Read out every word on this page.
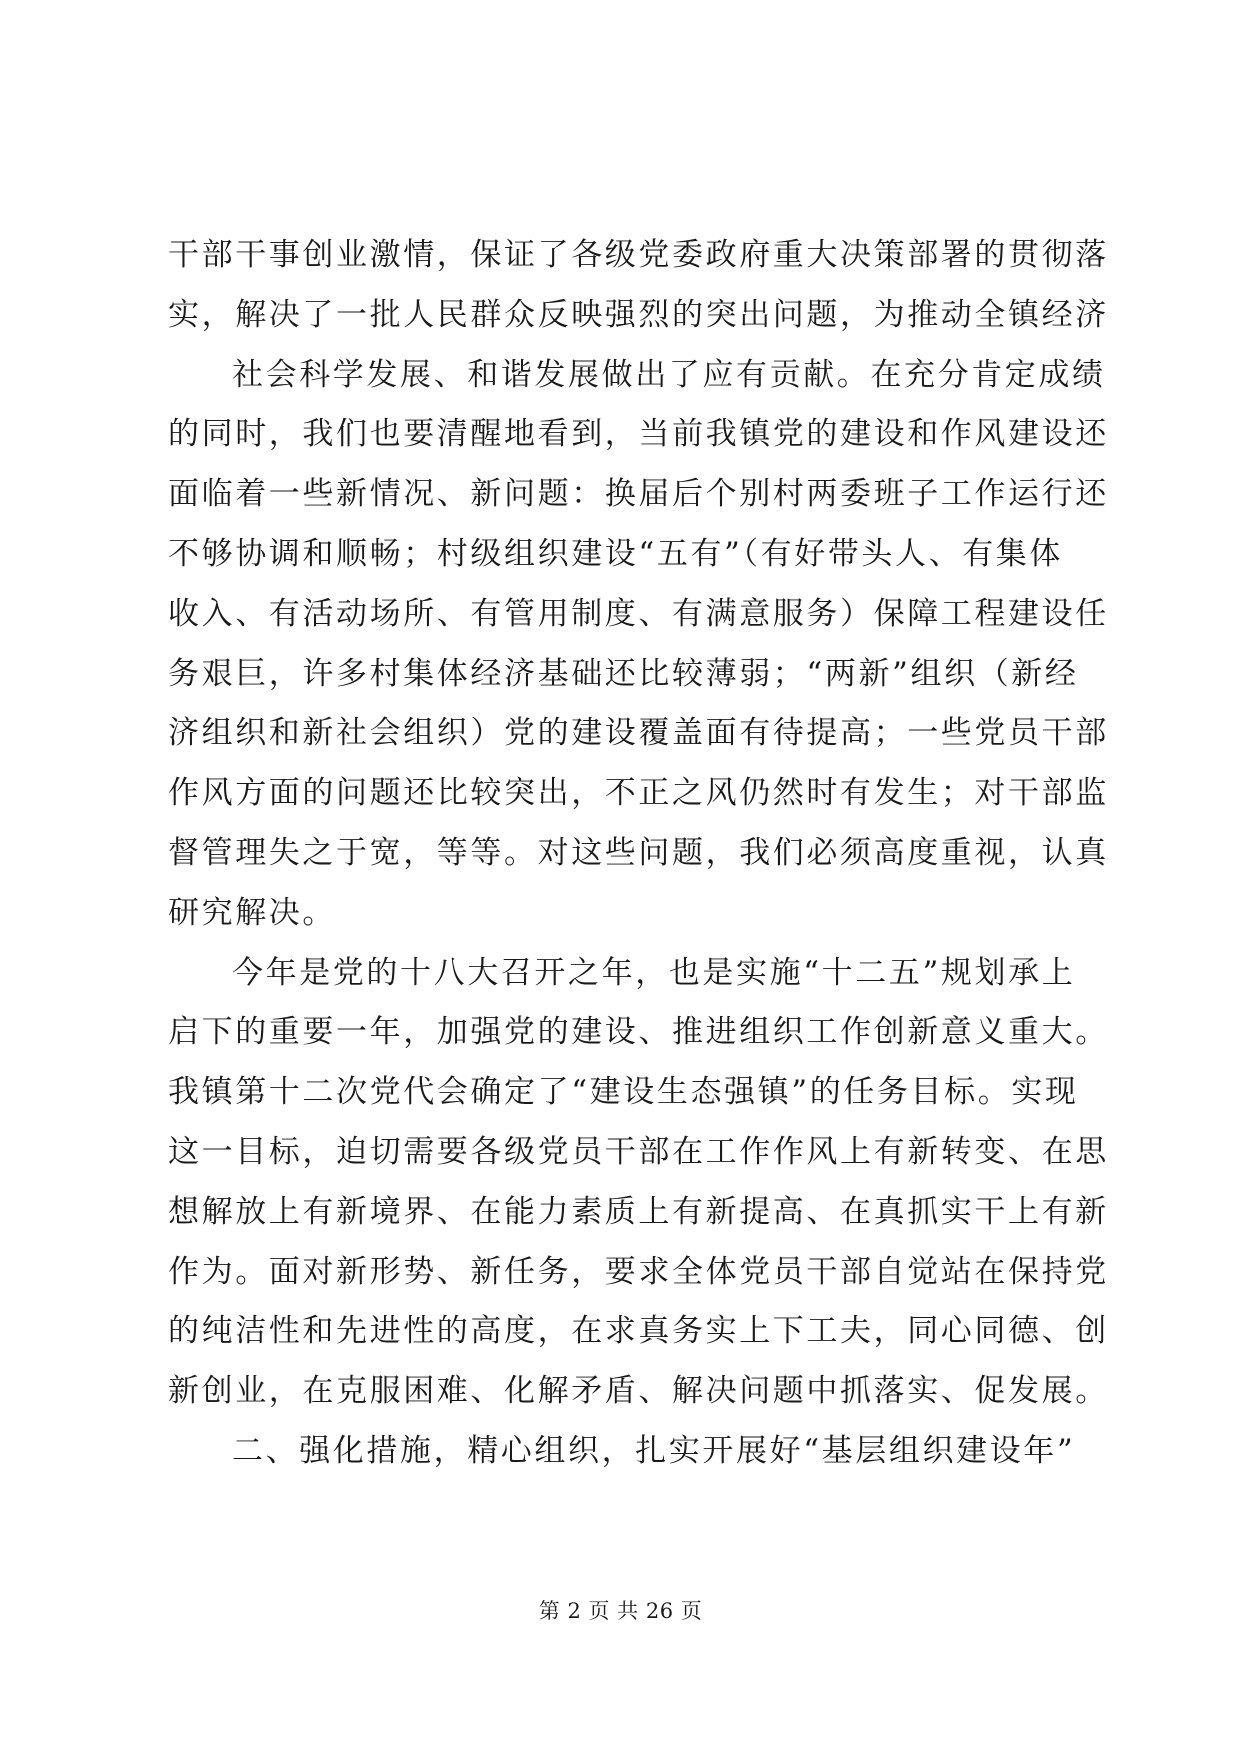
干部干事创业激情，保证了各级党委政府重大决策部署的贯彻落
实，解决了一批人民群众反映强烈的突出问题，为推动全镇经济
社会科学发展、和谐发展做出了应有贡献。在充分肯定成绩
的同时，我们也要清醒地看到，当前我镇党的建设和作风建设还
面临着一些新情况、新问题：换届后个别村两委班子工作运行还
不够协调和顺畅；村级组织建设“五有”（有好带头人、有集体
收入、有活动场所、有管用制度、有满意服务）保障工程建设任
务艰巨，许多村集体经济基础还比较薄弱；“两新”组织（新经
济组织和新社会组织）党的建设覆盖面有待提高；一些党员干部
作风方面的问题还比较突出，不正之风仍然时有发生；对干部监
督管理失之于宽，等等。对这些问题，我们必须高度重视，认真
研究解决。
今年是党的十八大召开之年，也是实施“十二五”规划承上
启下的重要一年，加强党的建设、推进组织工作创新意义重大。
我镇第十二次党代会确定了“建设生态强镇”的任务目标。实现
这一目标，迫切需要各级党员干部在工作作风上有新转变、在思
想解放上有新境界、在能力素质上有新提高、在真抓实干上有新
作为。面对新形势、新任务，要求全体党员干部自觉站在保持党
的纯洁性和先进性的高度，在求真务实上下工夫，同心同德、创
新创业，在克服困难、化解矛盾、解决问题中抓落实、促发展。
二、强化措施，精心组织，扎实开展好“基层组织建设年”
第 2 页 共 26 页
